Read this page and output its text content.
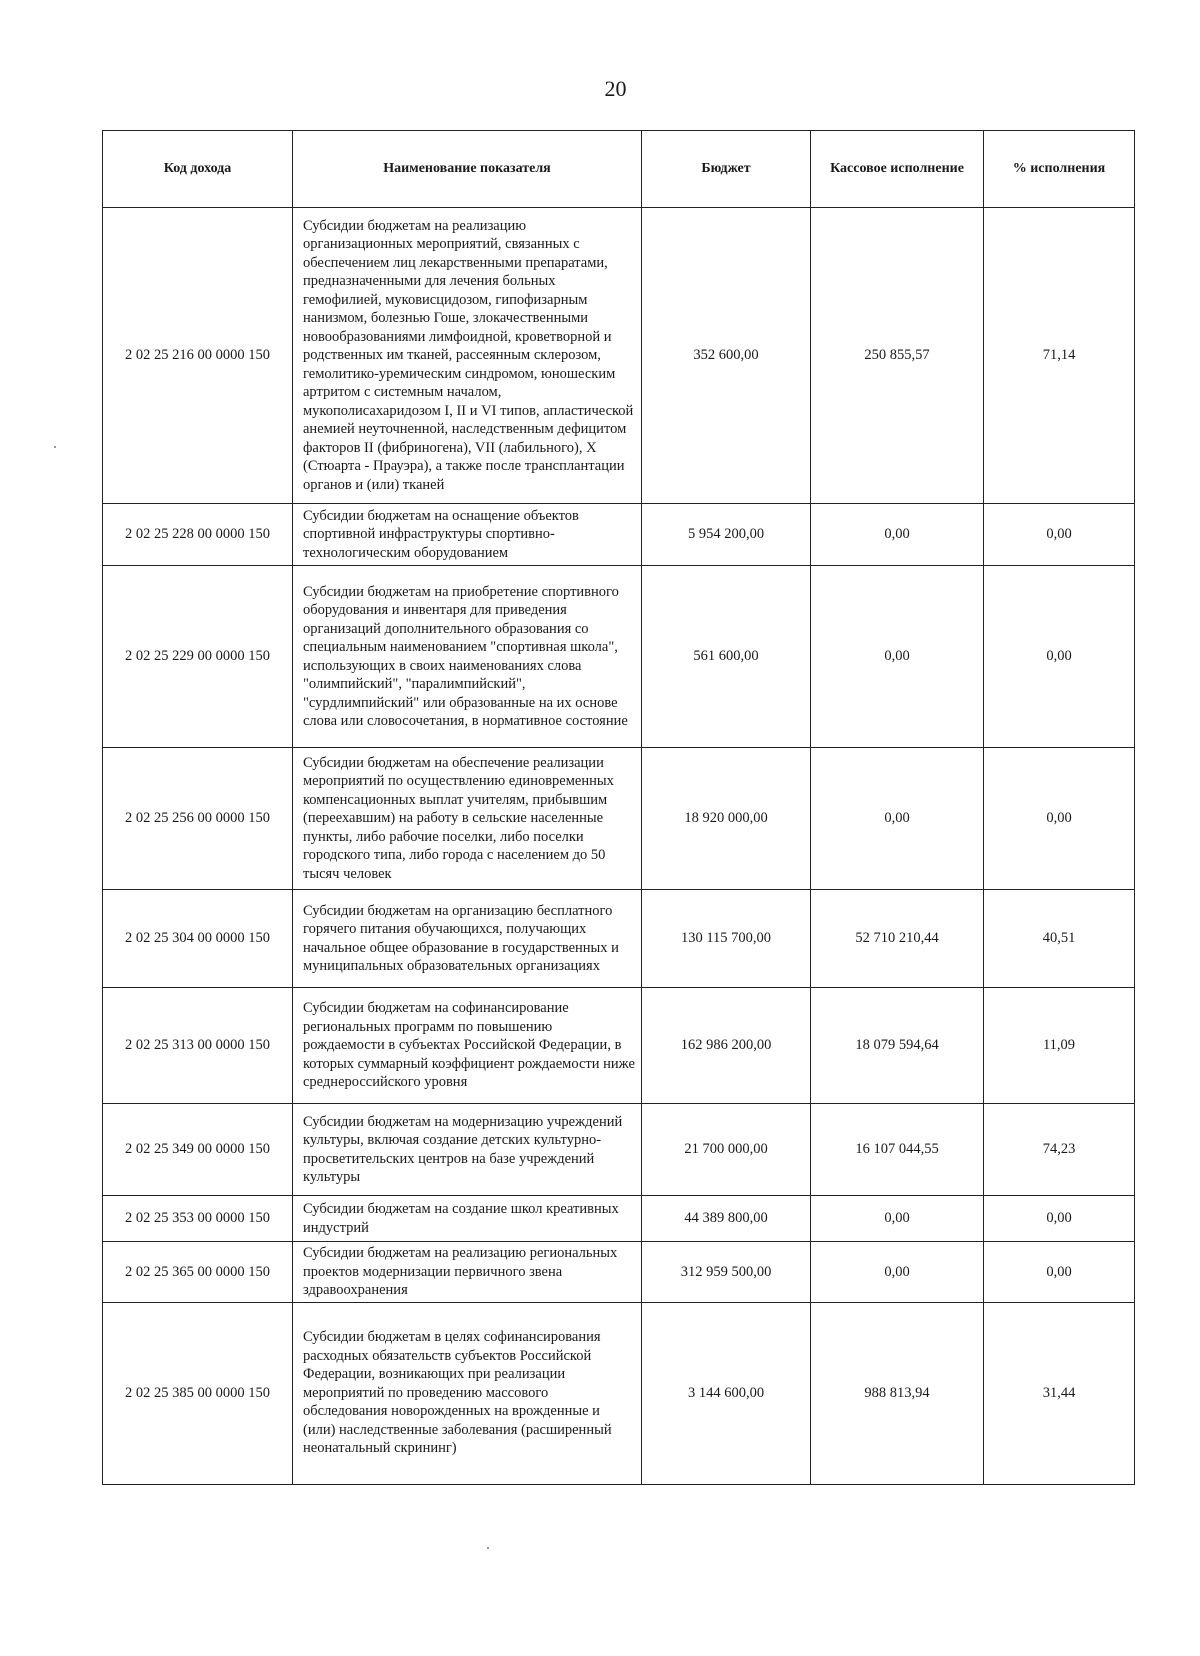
20
Код дохода	Наименование показателя	Бюджет	Кассовое исполнение	% исполнения
2 02 25 216 00 0000 150	Субсидии бюджетам на реализацию организационных мероприятий, связанных с обеспечением лиц лекарственными препаратами, предназначенными для лечения больных гемофилией, муковисцидозом, гипофизарным нанизмом, болезнью Гоше, злокачественными новообразованиями лимфоидной, кроветворной и родственных им тканей, рассеянным склерозом, гемолитико-уремическим синдромом, юношеским артритом с системным началом, мукополисахаридозом I, II и VI типов, апластической анемией неуточненной, наследственным дефицитом факторов II (фибриногена), VII (лабильного), X (Стюарта - Прауэра), а также после трансплантации органов и (или) тканей	352 600,00	250 855,57	71,14
2 02 25 228 00 0000 150	Субсидии бюджетам на оснащение объектов спортивной инфраструктуры спортивно-технологическим оборудованием	5 954 200,00	0,00	0,00
2 02 25 229 00 0000 150	Субсидии бюджетам на приобретение спортивного оборудования и инвентаря для приведения организаций дополнительного образования со специальным наименованием "спортивная школа", использующих в своих наименованиях слова "олимпийский", "паралимпийский", "сурдлимпийский" или образованные на их основе слова или словосочетания, в нормативное состояние	561 600,00	0,00	0,00
2 02 25 256 00 0000 150	Субсидии бюджетам на обеспечение реализации мероприятий по осуществлению единовременных компенсационных выплат учителям, прибывшим (переехавшим) на работу в сельские населенные пункты, либо рабочие поселки, либо поселки городского типа, либо города с населением до 50 тысяч человек	18 920 000,00	0,00	0,00
2 02 25 304 00 0000 150	Субсидии бюджетам на организацию бесплатного горячего питания обучающихся, получающих начальное общее образование в государственных и муниципальных образовательных организациях	130 115 700,00	52 710 210,44	40,51
2 02 25 313 00 0000 150	Субсидии бюджетам на софинансирование региональных программ по повышению рождаемости в субъектах Российской Федерации, в которых суммарный коэффициент рождаемости ниже среднероссийского уровня	162 986 200,00	18 079 594,64	11,09
2 02 25 349 00 0000 150	Субсидии бюджетам на модернизацию учреждений культуры, включая создание детских культурно-просветительских центров на базе учреждений культуры	21 700 000,00	16 107 044,55	74,23
2 02 25 353 00 0000 150	Субсидии бюджетам на создание школ креативных индустрий	44 389 800,00	0,00	0,00
2 02 25 365 00 0000 150	Субсидии бюджетам на реализацию региональных проектов модернизации первичного звена здравоохранения	312 959 500,00	0,00	0,00
2 02 25 385 00 0000 150	Субсидии бюджетам в целях софинансирования расходных обязательств субъектов Российской Федерации, возникающих при реализации мероприятий по проведению массового обследования новорожденных на врожденные и (или) наследственные заболевания (расширенный неонатальный скрининг)	3 144 600,00	988 813,94	31,44
